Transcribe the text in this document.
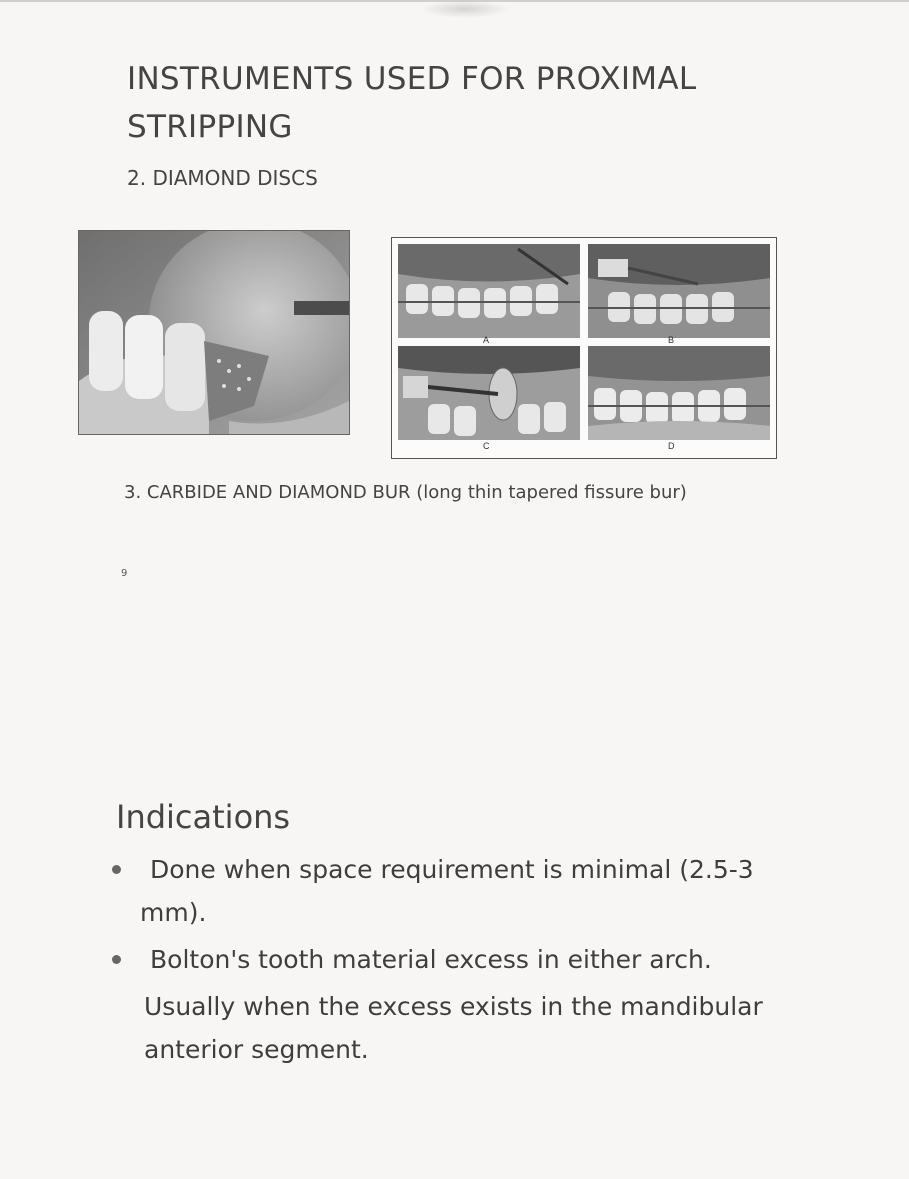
INSTRUMENTS USED FOR PROXIMAL STRIPPING

2. DIAMOND DISCS

A	B
C	D

3. CARBIDE AND DIAMOND BUR (long thin tapered fissure bur)

9
Indications
Done when space requirement is minimal (2.5-3 mm).
Bolton's tooth material excess in either arch.

Usually when the excess exists in the mandibular anterior segment.
